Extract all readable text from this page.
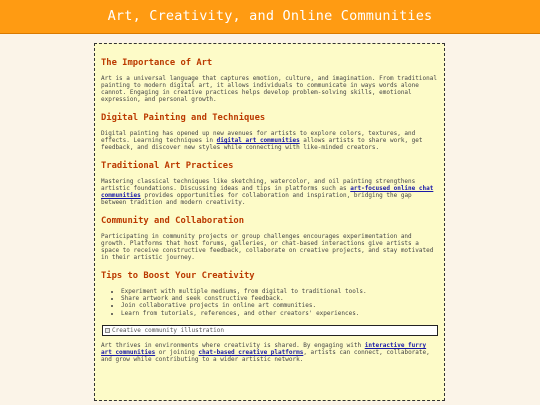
Art, Creativity, and Online Communities
The Importance of Art

Art is a universal language that captures emotion, culture, and imagination. From traditional painting to modern digital art, it allows individuals to communicate in ways words alone cannot. Engaging in creative practices helps develop problem-solving skills, emotional expression, and personal growth.

Digital Painting and Techniques

Digital painting has opened up new avenues for artists to explore colors, textures, and effects. Learning techniques in digital art communities allows artists to share work, get feedback, and discover new styles while connecting with like-minded creators.

Traditional Art Practices

Mastering classical techniques like sketching, watercolor, and oil painting strengthens artistic foundations. Discussing ideas and tips in platforms such as art-focused online chat communities provides opportunities for collaboration and inspiration, bridging the gap between tradition and modern creativity.

Community and Collaboration

Participating in community projects or group challenges encourages experimentation and growth. Platforms that host forums, galleries, or chat-based interactions give artists a space to receive constructive feedback, collaborate on creative projects, and stay motivated in their artistic journey.

Tips to Boost Your Creativity
• Experiment with multiple mediums, from digital to traditional tools.
• Share artwork and seek constructive feedback.
• Join collaborative projects in online art communities.
• Learn from tutorials, references, and other creators' experiences.
Creative community illustration

Art thrives in environments where creativity is shared. By engaging with interactive furry art communities or joining chat-based creative platforms, artists can connect, collaborate, and grow while contributing to a wider artistic network.
